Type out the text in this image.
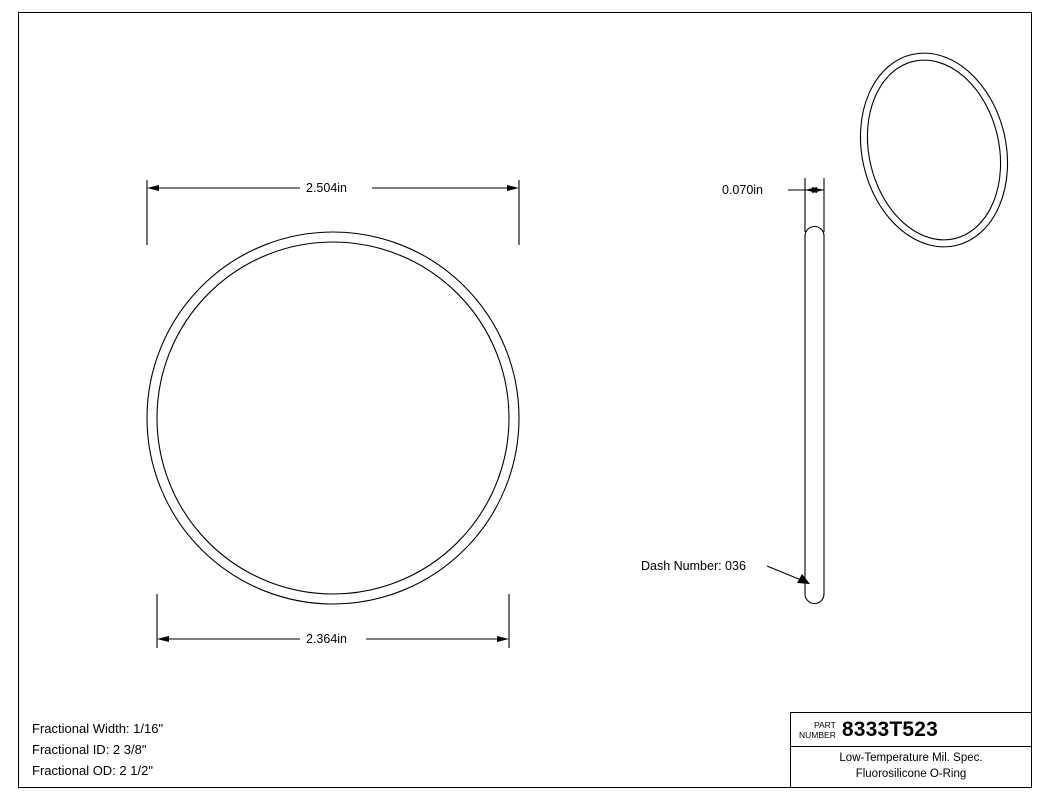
2.504in
2.364in
0.070in
Dash Number: 036
Fractional Width: 1/16"
Fractional ID: 2 3/8"
Fractional OD: 2 1/2"
PART
NUMBER 8333T523
Low-Temperature Mil. Spec.
Fluorosilicone O-Ring
